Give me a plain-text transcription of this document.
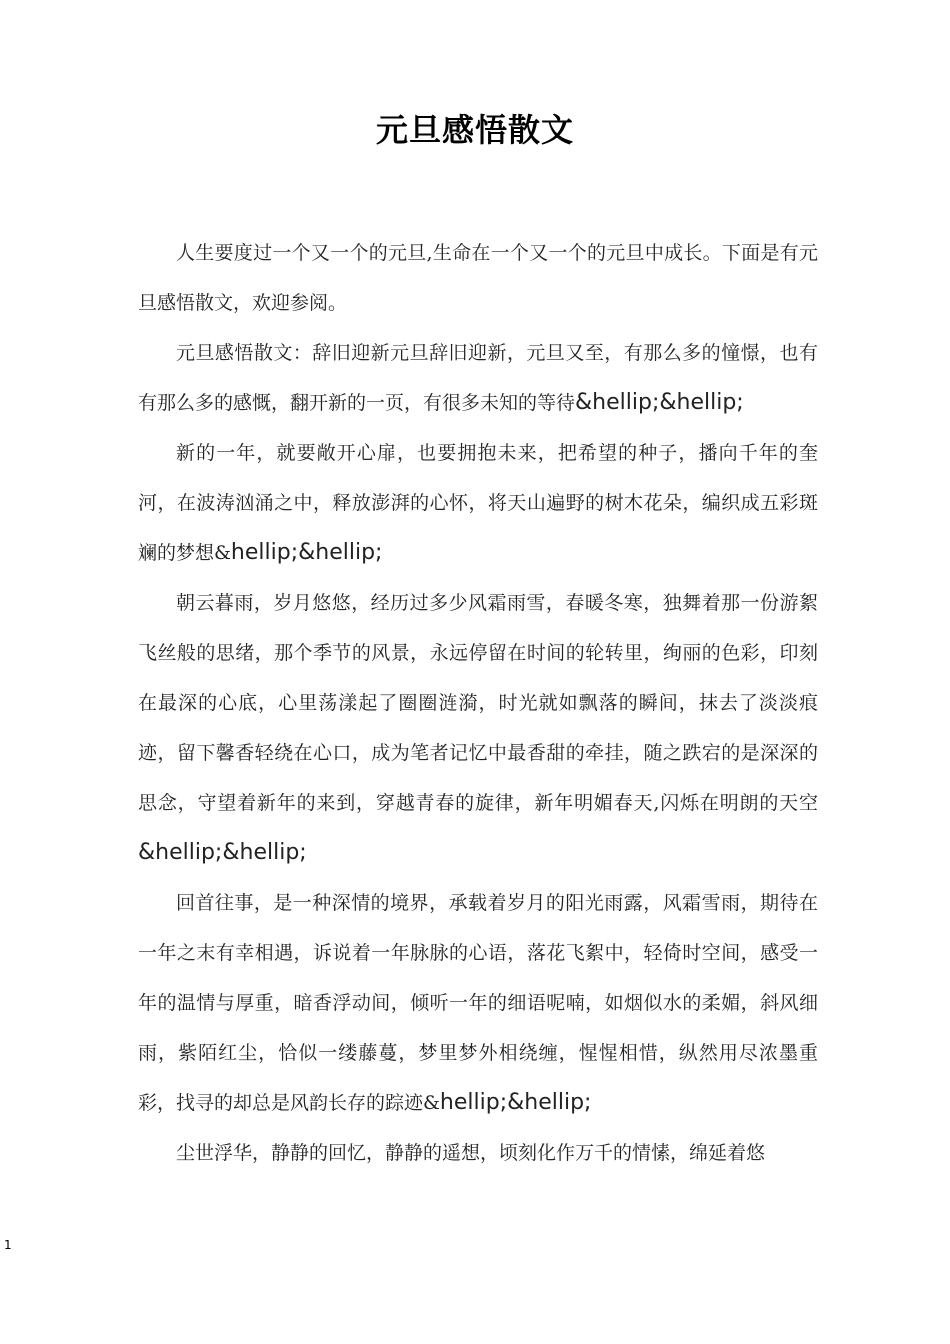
元旦感悟散文

人生要度过一个又一个的元旦,生命在一个又一个的元旦中成长。下面是有元旦感悟散文，欢迎参阅。

元旦感悟散文：辞旧迎新元旦辞旧迎新，元旦又至，有那么多的憧憬，也有有那么多的感慨，翻开新的一页，有很多未知的等待&hellip;&hellip;

新的一年，就要敞开心扉，也要拥抱未来，把希望的种子，播向千年的奎河，在波涛汹涌之中，释放澎湃的心怀，将天山遍野的树木花朵，编织成五彩斑斓的梦想&hellip;&hellip;

朝云暮雨，岁月悠悠，经历过多少风霜雨雪，春暖冬寒，独舞着那一份游絮飞丝般的思绪，那个季节的风景，永远停留在时间的轮转里，绚丽的色彩，印刻在最深的心底，心里荡漾起了圈圈涟漪，时光就如飘落的瞬间，抹去了淡淡痕迹，留下馨香轻绕在心口，成为笔者记忆中最香甜的牵挂，随之跌宕的是深深的思念，守望着新年的来到，穿越青春的旋律，新年明媚春天,闪烁在明朗的天空&hellip;&hellip;

回首往事，是一种深情的境界，承载着岁月的阳光雨露，风霜雪雨，期待在一年之末有幸相遇，诉说着一年脉脉的心语，落花飞絮中，轻倚时空间，感受一年的温情与厚重，暗香浮动间，倾听一年的细语呢喃，如烟似水的柔媚，斜风细雨，紫陌红尘，恰似一缕藤蔓，梦里梦外相绕缠，惺惺相惜，纵然用尽浓墨重彩，找寻的却总是风韵长存的踪迹&hellip;&hellip;

尘世浮华，静静的回忆，静静的遥想，顷刻化作万千的情愫，绵延着悠

1
